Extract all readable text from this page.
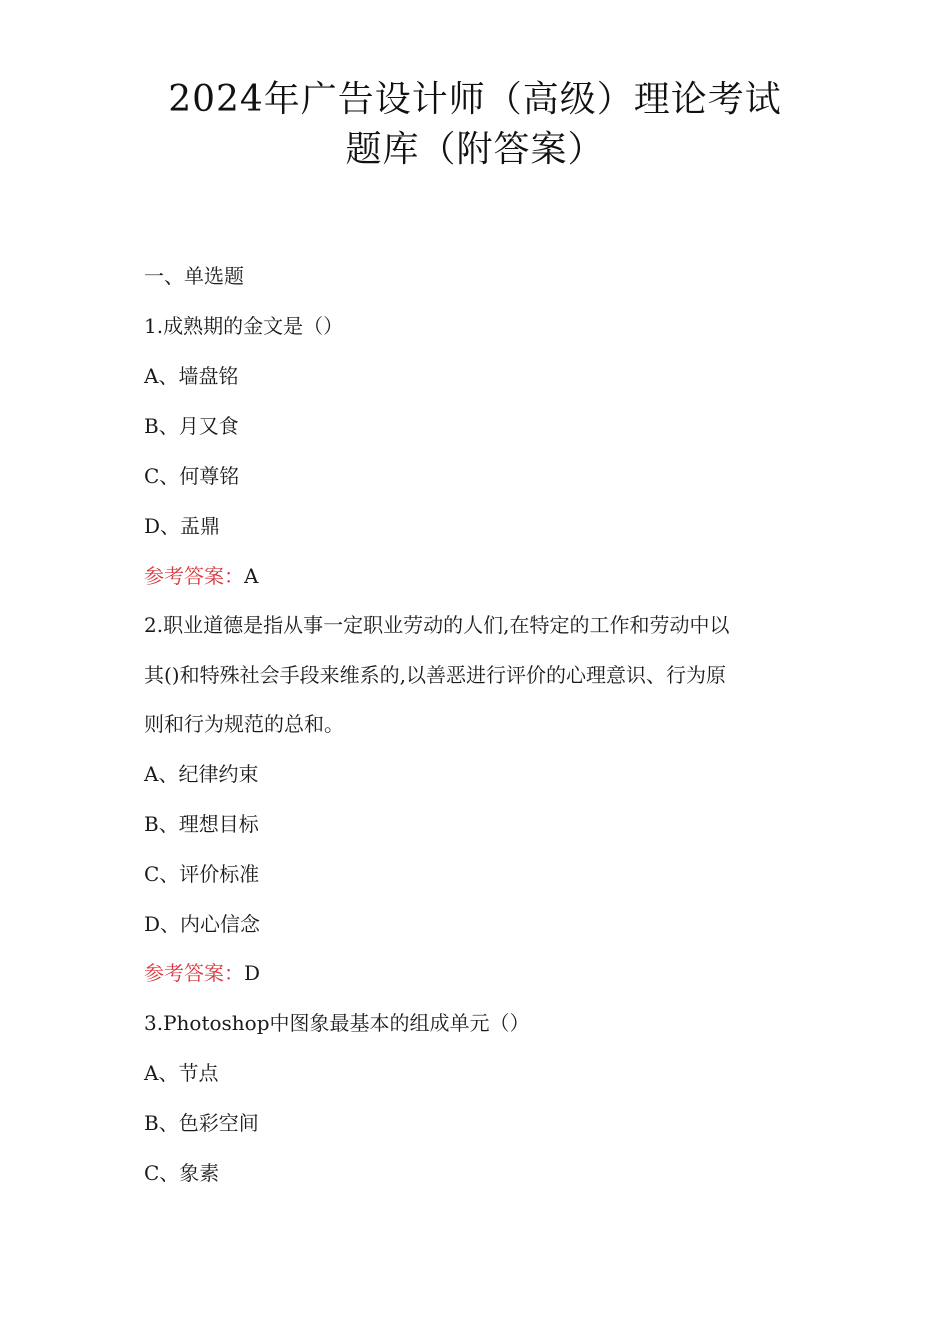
2024年广告设计师（高级）理论考试
题库（附答案）
一、单选题
1.成熟期的金文是（）
A、墙盘铭
B、月又食
C、何尊铭
D、盂鼎
参考答案：A
2.职业道德是指从事一定职业劳动的人们,在特定的工作和劳动中以
其()和特殊社会手段来维系的,以善恶进行评价的心理意识、行为原
则和行为规范的总和。
A、纪律约束
B、理想目标
C、评价标准
D、内心信念
参考答案：D
3.Photoshop中图象最基本的组成单元（）
A、节点
B、色彩空间
C、象素
